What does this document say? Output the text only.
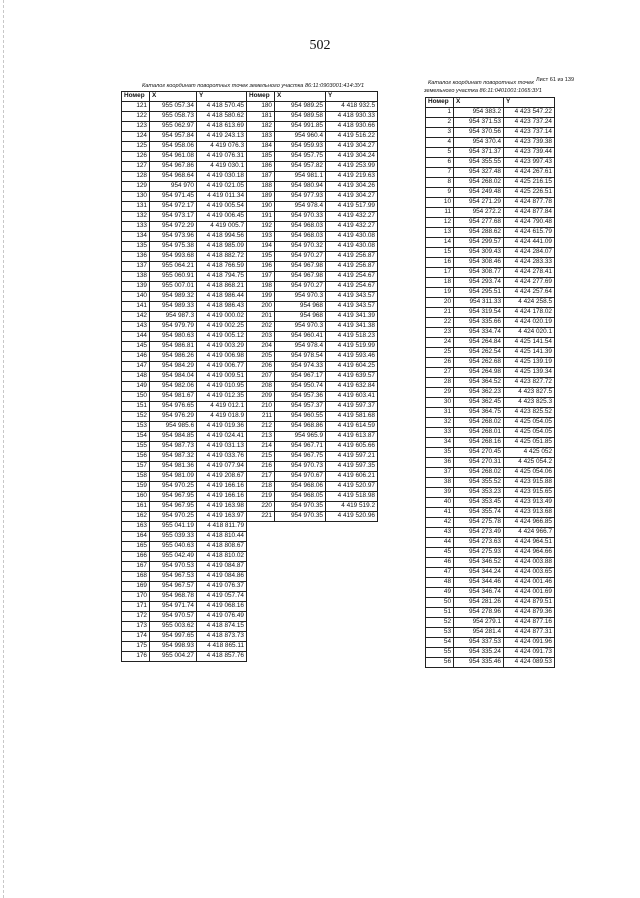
502
Каталог координат поворотных точек земельного участка 86:11:0903001:414:ЗУ1
Номер	X	Y	Номер	X	Y
121	955 057.34	4 418 570.45	180	954 989.25	4 418 932.5
122	955 058.73	4 418 580.62	181	954 989.58	4 418 930.33
123	955 062.97	4 418 613.69	182	954 991.85	4 418 930.66
124	954 957.84	4 419 243.13	183	954 960.4	4 419 516.22
125	954 958.06	4 419 076.3	184	954 959.93	4 419 304.27
126	954 961.08	4 419 076.31	185	954 957.75	4 419 304.24
127	954 967.86	4 419 030.1	186	954 957.82	4 419 253.99
128	954 968.64	4 419 030.18	187	954 981.1	4 419 219.63
129	954 970	4 419 021.05	188	954 980.94	4 419 304.26
130	954 971.45	4 419 011.34	189	954 977.93	4 419 304.27
131	954 972.17	4 419 005.54	190	954 978.4	4 419 517.99
132	954 973.17	4 419 006.45	191	954 970.33	4 419 432.27
133	954 972.29	4 419 005.7	192	954 968.03	4 419 432.27
134	954 973.96	4 418 994.56	193	954 968.03	4 419 430.08
135	954 975.38	4 418 985.09	194	954 970.32	4 419 430.08
136	954 993.68	4 418 882.72	195	954 970.27	4 419 256.87
137	955 064.21	4 418 766.59	196	954 967.98	4 419 256.87
138	955 060.91	4 418 794.75	197	954 967.98	4 419 254.67
139	955 007.01	4 418 868.21	198	954 970.27	4 419 254.67
140	954 989.32	4 418 986.44	199	954 970.3	4 419 343.57
141	954 989.33	4 418 986.43	200	954 968	4 419 343.57
142	954 987.3	4 419 000.02	201	954 968	4 419 341.39
143	954 979.79	4 419 002.25	202	954 970.3	4 419 341.38
144	954 980.63	4 419 005.12	203	954 960.41	4 419 518.23
145	954 986.81	4 419 003.29	204	954 978.4	4 419 519.99
146	954 986.26	4 419 006.98	205	954 978.54	4 419 593.46
147	954 984.29	4 419 006.77	206	954 974.33	4 419 604.25
148	954 984.04	4 419 009.51	207	954 967.17	4 419 639.57
149	954 982.06	4 419 010.95	208	954 950.74	4 419 632.84
150	954 981.67	4 419 012.35	209	954 957.36	4 419 603.41
151	954 976.65	4 419 012.1	210	954 957.37	4 419 597.37
152	954 976.29	4 419 018.9	211	954 960.55	4 419 581.68
153	954 985.6	4 419 019.36	212	954 968.86	4 419 614.59
154	954 984.85	4 419 024.41	213	954 965.9	4 419 613.87
155	954 987.73	4 419 031.13	214	954 967.71	4 419 605.66
156	954 987.32	4 419 033.76	215	954 967.75	4 419 597.21
157	954 981.36	4 419 077.94	216	954 970.73	4 419 597.35
158	954 981.09	4 419 208.67	217	954 970.67	4 419 606.21
159	954 970.25	4 419 166.16	218	954 968.06	4 419 520.97
160	954 967.95	4 419 166.16	219	954 968.05	4 419 518.98
161	954 967.95	4 419 163.98	220	954 970.35	4 419 519.2
162	954 970.25	4 419 163.97	221	954 970.35	4 419 520.96
163	955 041.19	4 418 811.79			
164	955 039.33	4 418 810.44			
165	955 040.63	4 418 808.67			
166	955 042.49	4 418 810.02			
167	954 970.53	4 419 084.87			
168	954 967.53	4 419 084.86			
169	954 967.57	4 419 076.37			
170	954 968.78	4 419 057.74			
171	954 971.74	4 419 068.16			
172	954 970.57	4 419 076.49			
173	955 003.62	4 418 874.15			
174	954 997.65	4 418 873.73			
175	954 998.93	4 418 865.11			
176	955 004.27	4 418 857.76			
Каталог координат поворотных точек Лист 61 из 139
земельного участка 86:11:0401001:1065:ЗУ1
Номер	X	Y
1	954 383.2	4 423 547.22
2	954 371.53	4 423 737.24
3	954 370.56	4 423 737.14
4	954 370.4	4 423 739.38
5	954 371.37	4 423 739.44
6	954 355.55	4 423 997.43
7	954 327.48	4 424 267.61
8	954 268.02	4 425 216.15
9	954 249.48	4 425 226.51
10	954 271.29	4 424 877.78
11	954 272.2	4 424 877.84
12	954 277.68	4 424 790.48
13	954 288.62	4 424 615.79
14	954 299.57	4 424 441.09
15	954 309.43	4 424 284.07
16	954 308.46	4 424 283.33
17	954 308.77	4 424 278.41
18	954 293.74	4 424 277.69
19	954 295.51	4 424 257.64
20	954 311.33	4 424 258.5
21	954 319.54	4 424 178.02
22	954 335.66	4 424 020.19
23	954 334.74	4 424 020.1
24	954 264.84	4 425 141.54
25	954 262.54	4 425 141.39
26	954 262.68	4 425 139.19
27	954 264.98	4 425 139.34
28	954 364.52	4 423 827.72
29	954 362.23	4 423 827.5
30	954 362.45	4 423 825.3
31	954 364.75	4 423 825.52
32	954 268.02	4 425 054.05
33	954 268.01	4 425 054.05
34	954 268.16	4 425 051.85
35	954 270.45	4 425 052
36	954 270.31	4 425 054.2
37	954 268.02	4 425 054.06
38	954 355.52	4 423 915.88
39	954 353.23	4 423 915.65
40	954 353.45	4 423 913.49
41	954 355.74	4 423 913.68
42	954 275.78	4 424 966.85
43	954 273.49	4 424 966.7
44	954 273.63	4 424 964.51
45	954 275.93	4 424 964.66
46	954 346.52	4 424 003.88
47	954 344.24	4 424 003.65
48	954 344.46	4 424 001.46
49	954 346.74	4 424 001.69
50	954 281.26	4 424 879.51
51	954 278.96	4 424 879.36
52	954 279.1	4 424 877.16
53	954 281.4	4 424 877.31
54	954 337.53	4 424 091.96
55	954 335.24	4 424 091.73
56	954 335.46	4 424 089.53
